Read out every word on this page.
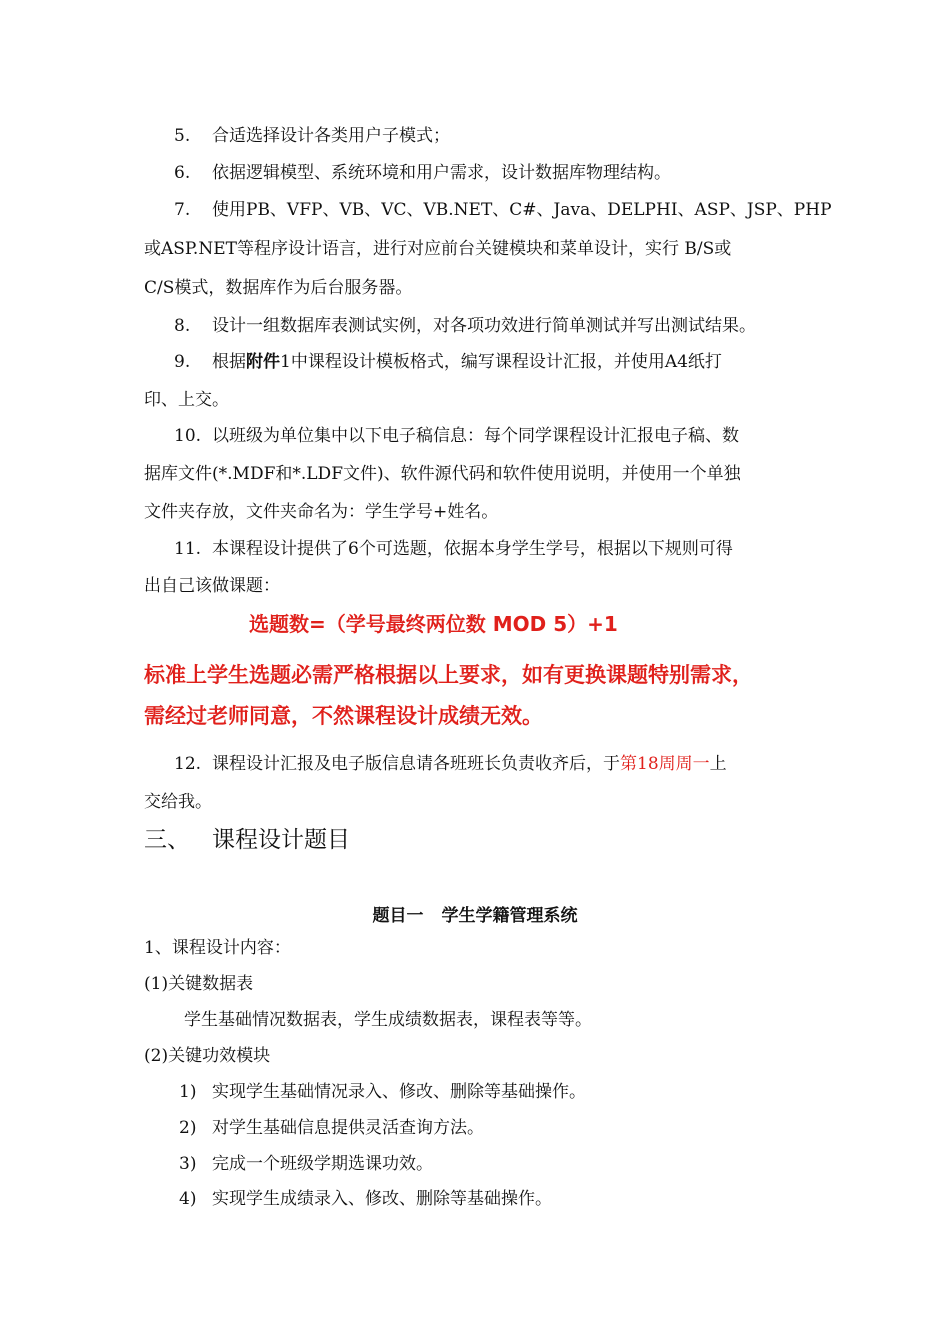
5. 合适选择设计各类用户子模式；
6. 依据逻辑模型、系统环境和用户需求，设计数据库物理结构。
7. 使用PB、VFP、VB、VC、VB.NET、C#、Java、DELPHI、ASP、JSP、PHP
或ASP.NET等程序设计语言，进行对应前台关键模块和菜单设计，实行 B/S或
C/S模式，数据库作为后台服务器。
8. 设计一组数据库表测试实例，对各项功效进行简单测试并写出测试结果。
9. 根据附件1中课程设计模板格式，编写课程设计汇报，并使用A4纸打
印、上交。
10. 以班级为单位集中以下电子稿信息：每个同学课程设计汇报电子稿、数
据库文件(*.MDF和*.LDF文件)、软件源代码和软件使用说明，并使用一个单独
文件夹存放，文件夹命名为：学生学号+姓名。
11. 本课程设计提供了6个可选题，依据本身学生学号，根据以下规则可得
出自己该做课题：
选题数=（学号最终两位数 MOD 5）+1
标准上学生选题必需严格根据以上要求，如有更换课题特别需求，
需经过老师同意，不然课程设计成绩无效。
12. 课程设计汇报及电子版信息请各班班长负责收齐后，于第18周周一上
交给我。
三、 课程设计题目
题目一 学生学籍管理系统
1、课程设计内容：
(1)关键数据表
学生基础情况数据表，学生成绩数据表，课程表等等。
(2)关键功效模块
1) 实现学生基础情况录入、修改、删除等基础操作。
2) 对学生基础信息提供灵活查询方法。
3) 完成一个班级学期选课功效。
4) 实现学生成绩录入、修改、删除等基础操作。
